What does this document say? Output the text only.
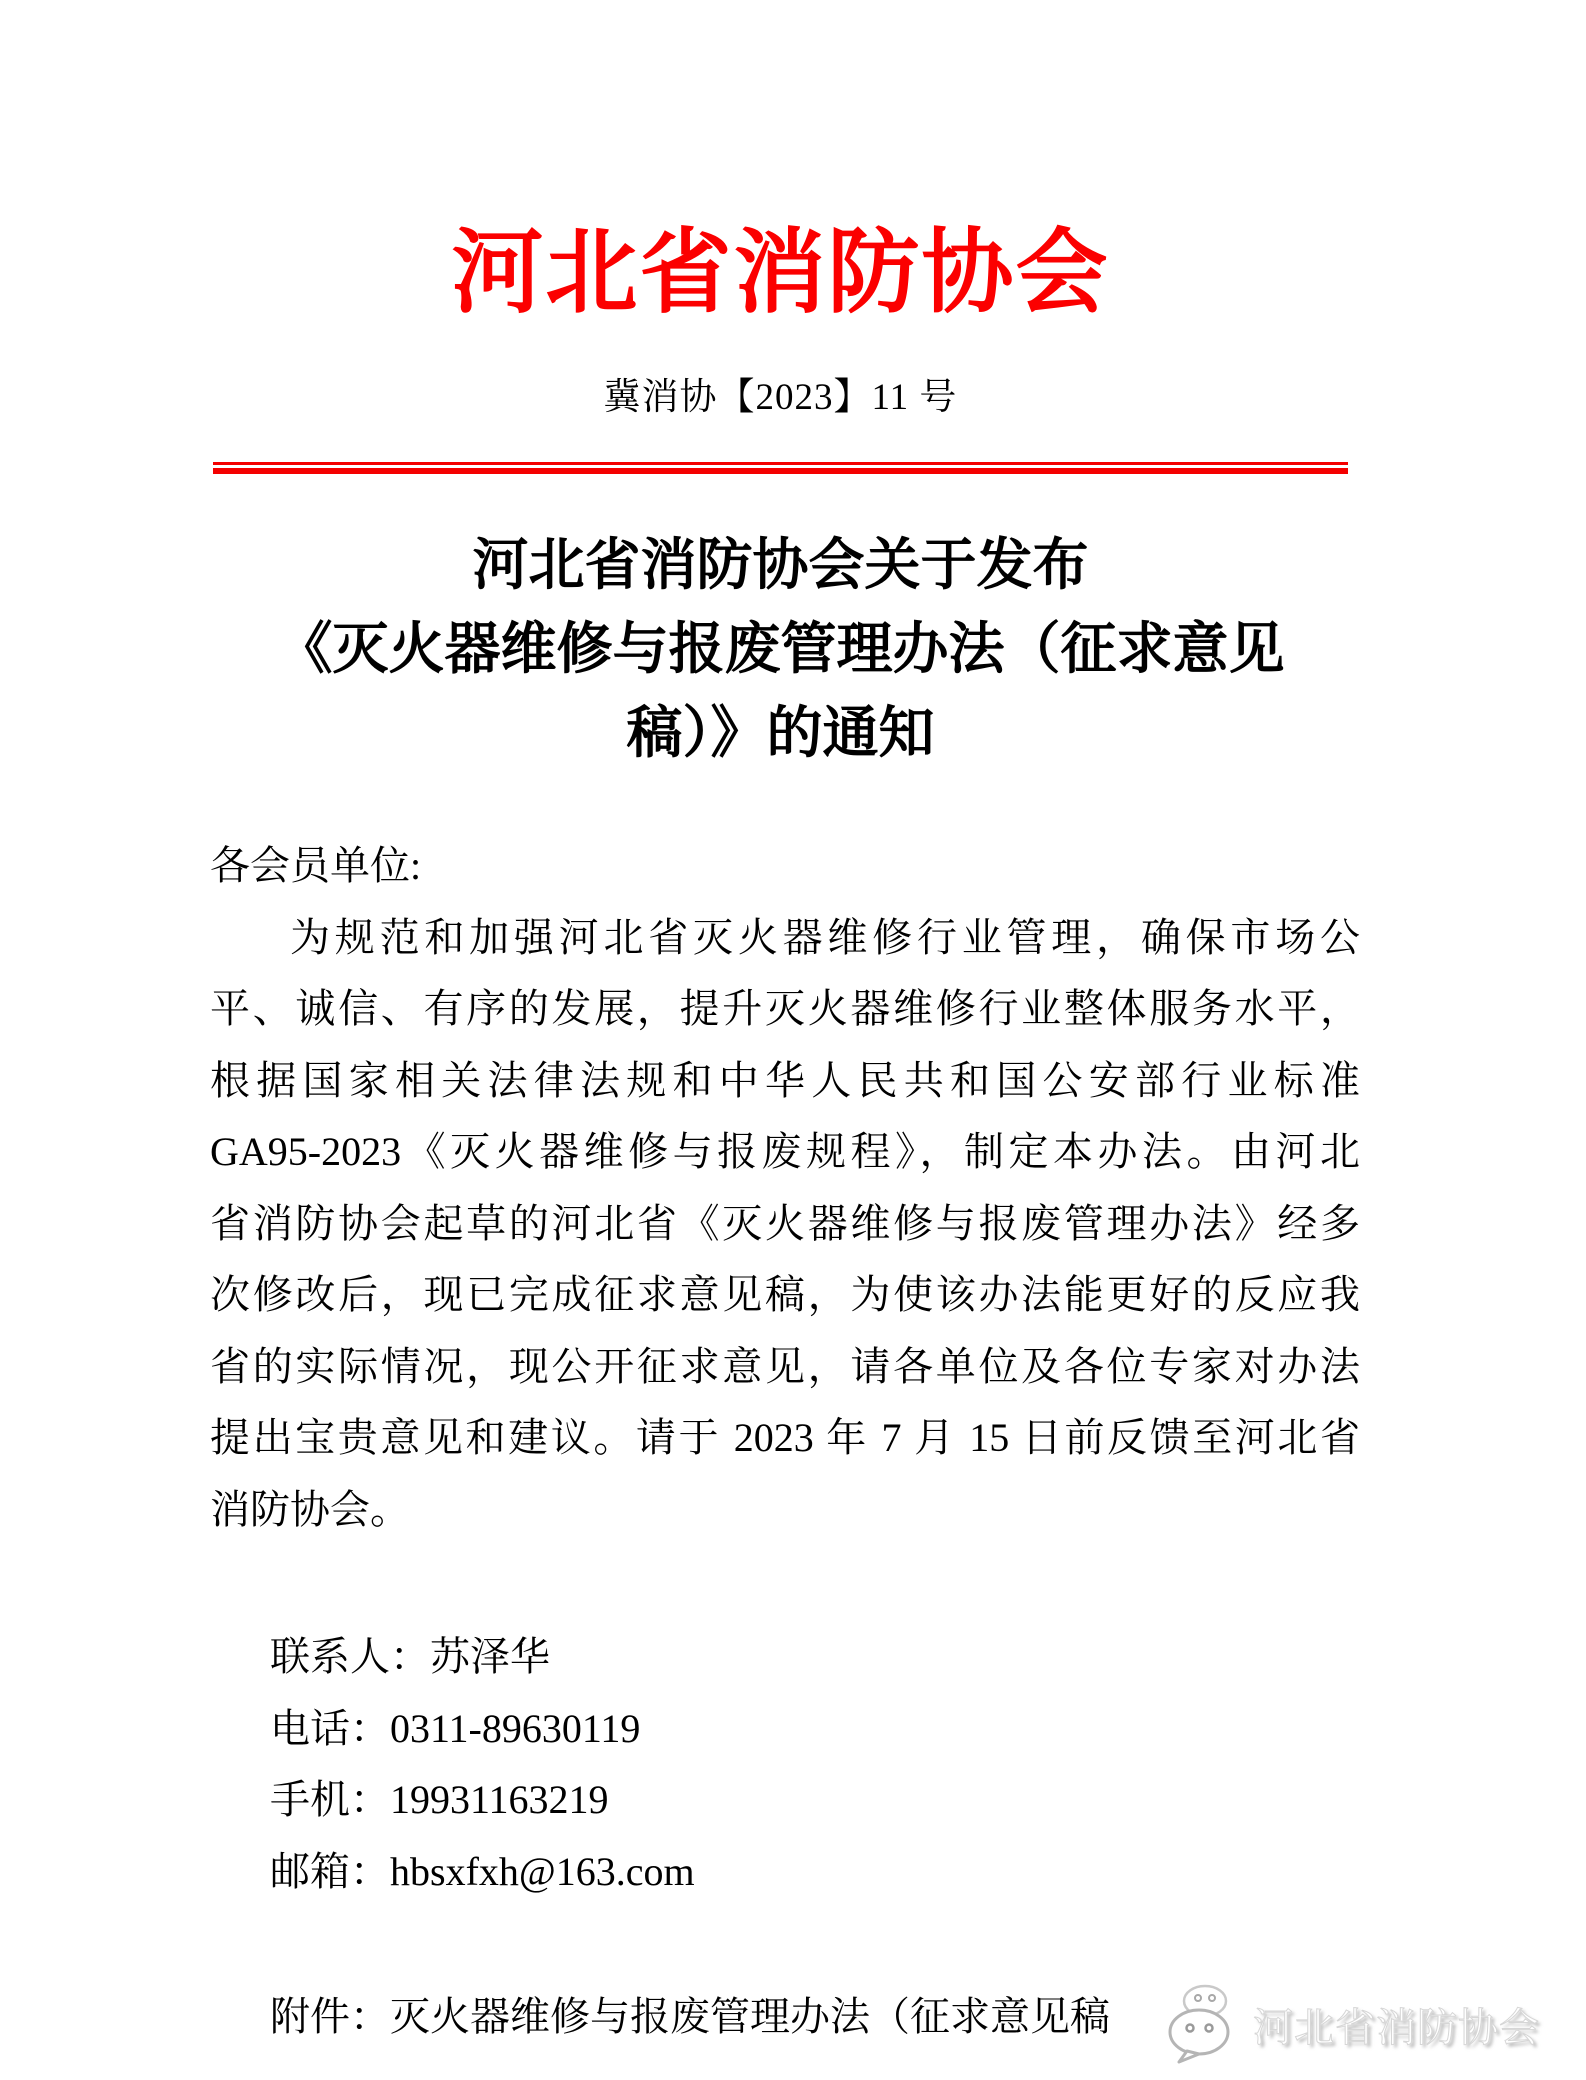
河北省消防协会
冀消协【2023】11 号
河北省消防协会关于发布
《灭火器维修与报废管理办法（征求意见
稿）》的通知
各会员单位:
为规范和加强河北省灭火器维修行业管理，确保市场公
平、诚信、有序的发展，提升灭火器维修行业整体服务水平，
根据国家相关法律法规和中华人民共和国公安部行业标准
GA95-2023《灭火器维修与报废规程》，制定本办法。由河北
省消防协会起草的河北省《灭火器维修与报废管理办法》经多
次修改后，现已完成征求意见稿，为使该办法能更好的反应我
省的实际情况，现公开征求意见，请各单位及各位专家对办法
提出宝贵意见和建议。请于 2023 年 7 月 15 日前反馈至河北省
消防协会。
联系人：苏泽华
电话：0311-89630119
手机：19931163219
邮箱：hbsxfxh@163.com
附件：灭火器维修与报废管理办法（征求意见稿	河北省消防协会
